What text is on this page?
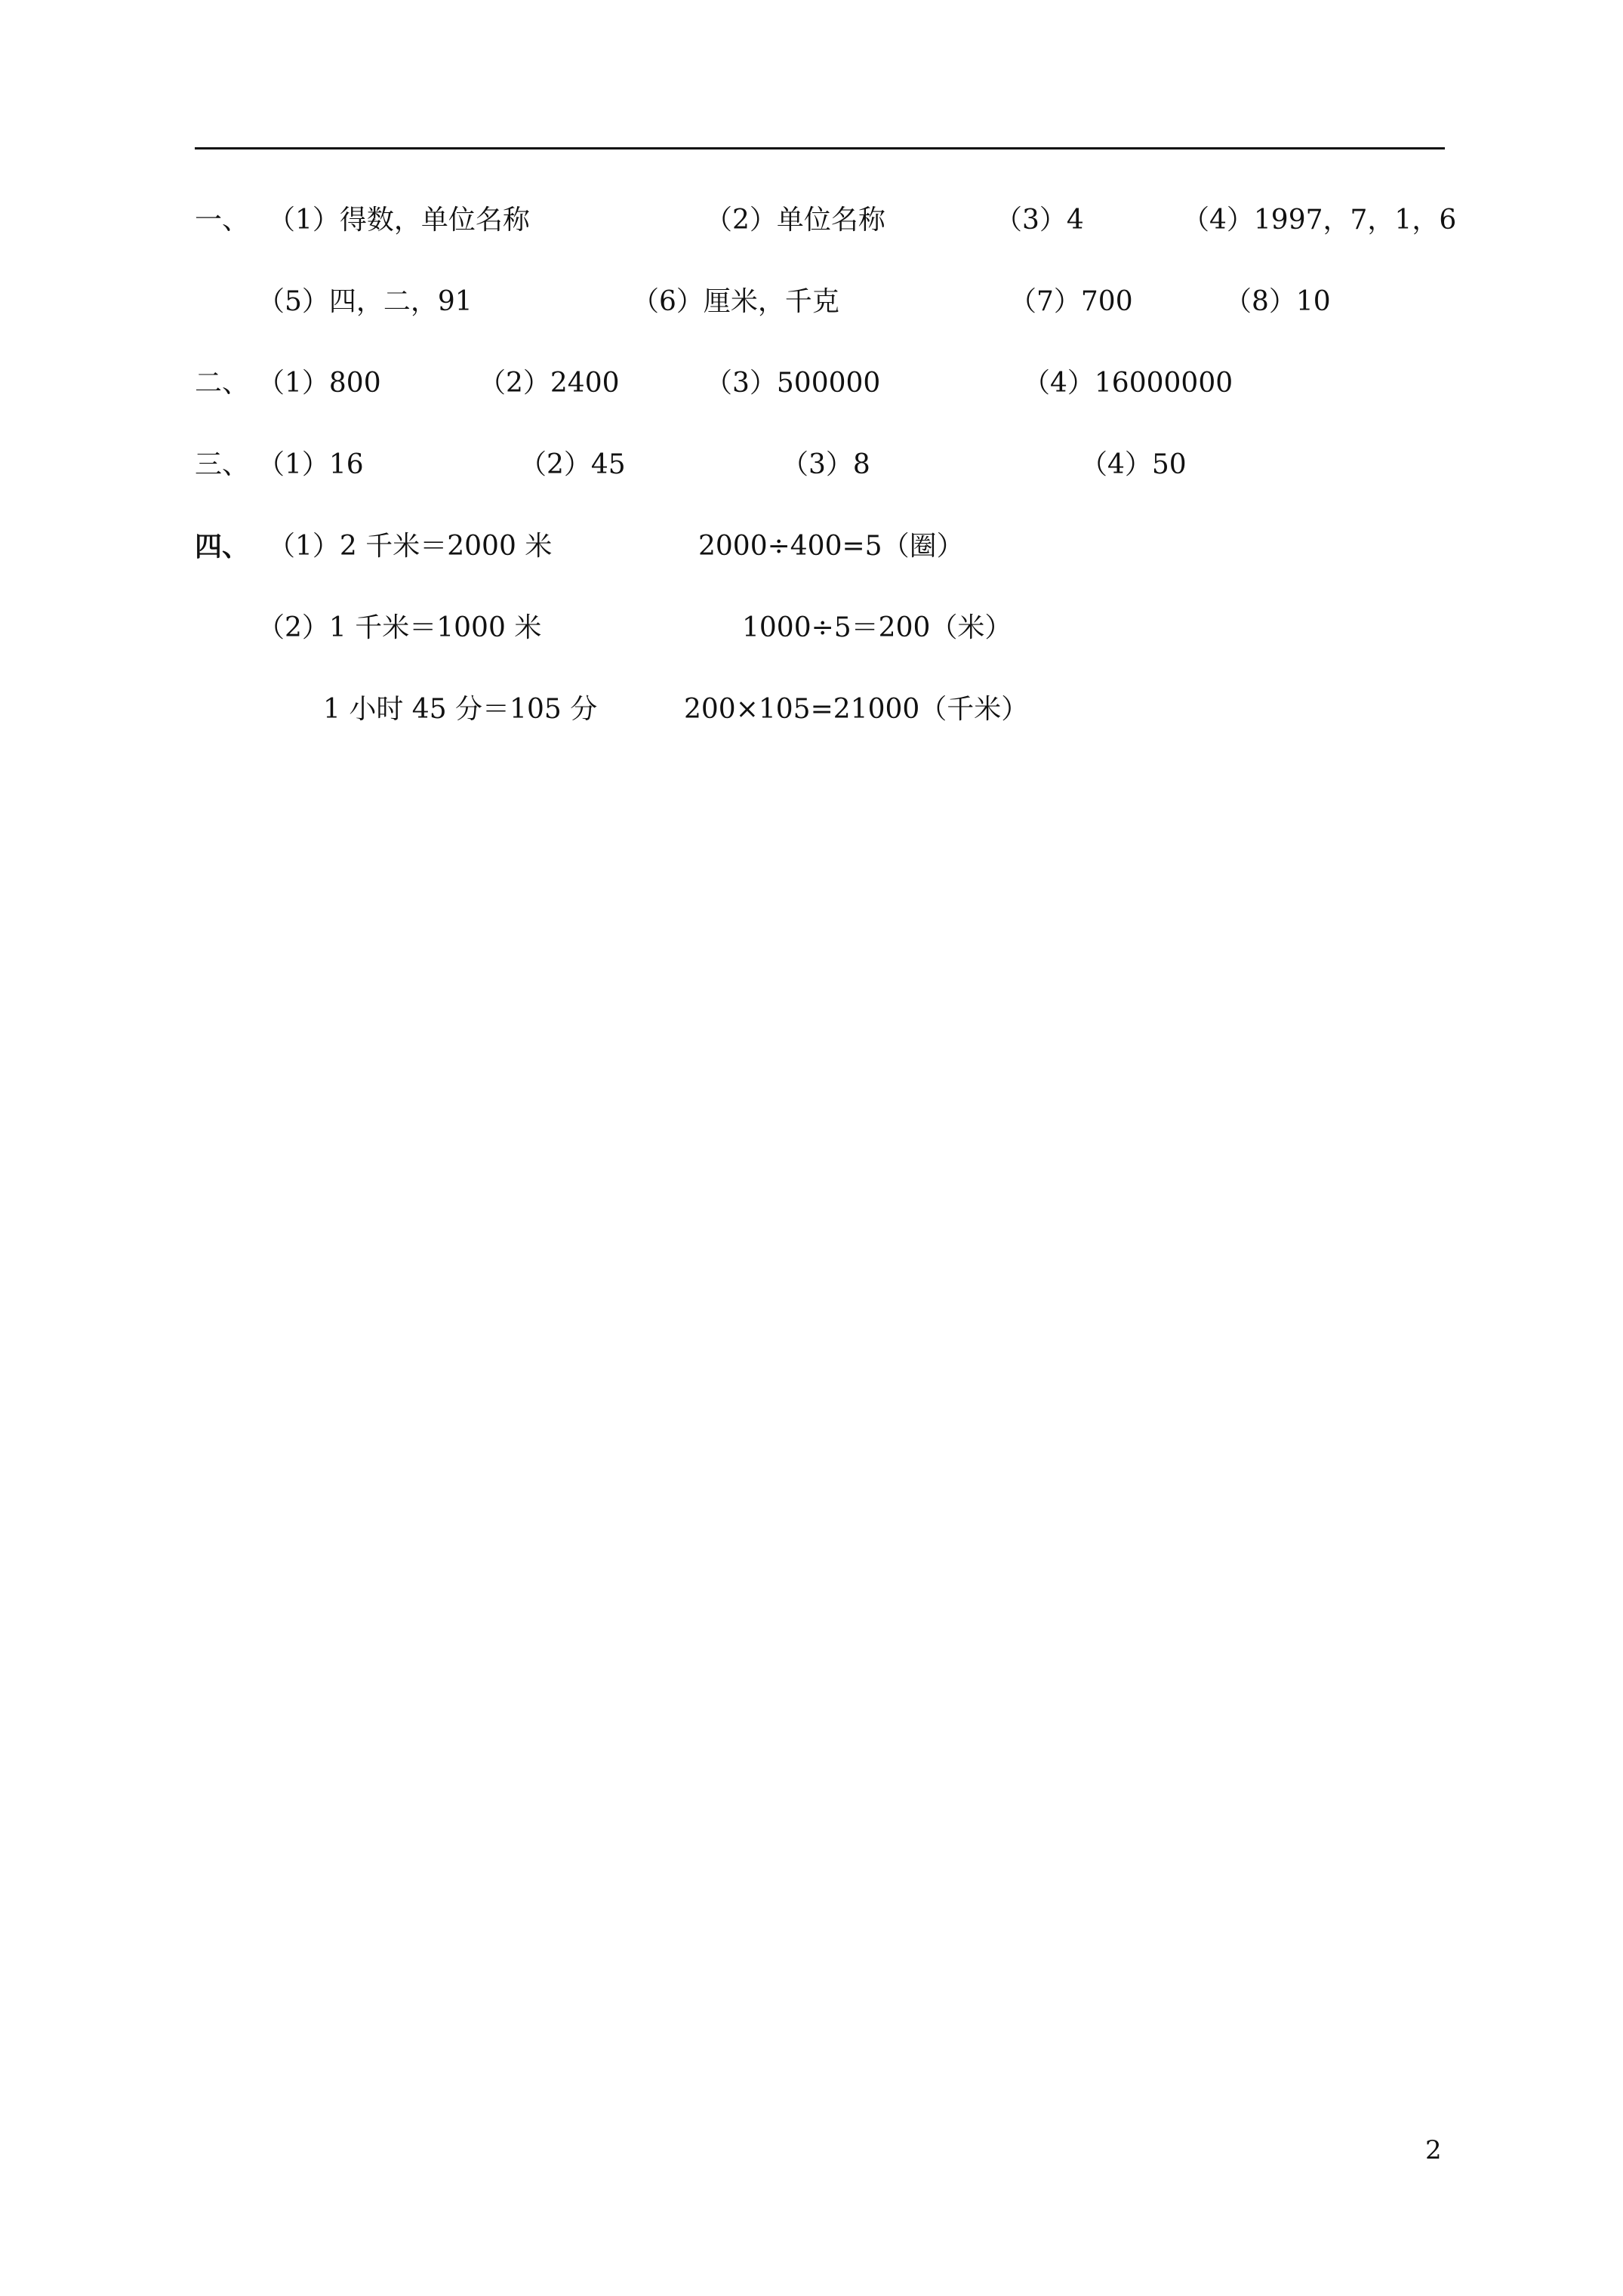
一、 （1）得数，单位名称	（2）单位名称	（3）4	（4）1997，7，1，6
（5）四，二，91	（6）厘米，千克	（7）700	（8）10
二、 （1）800	（2）2400	（3）500000	（4）16000000
三、 （1）16	（2）45	（3）8	（4）50
四、 （1）2 千米＝2000 米	2000÷400=5（圈）
（2）1 千米＝1000 米	1000÷5＝200（米）
1 小时 45 分＝105 分	200×105=21000（千米）
2
